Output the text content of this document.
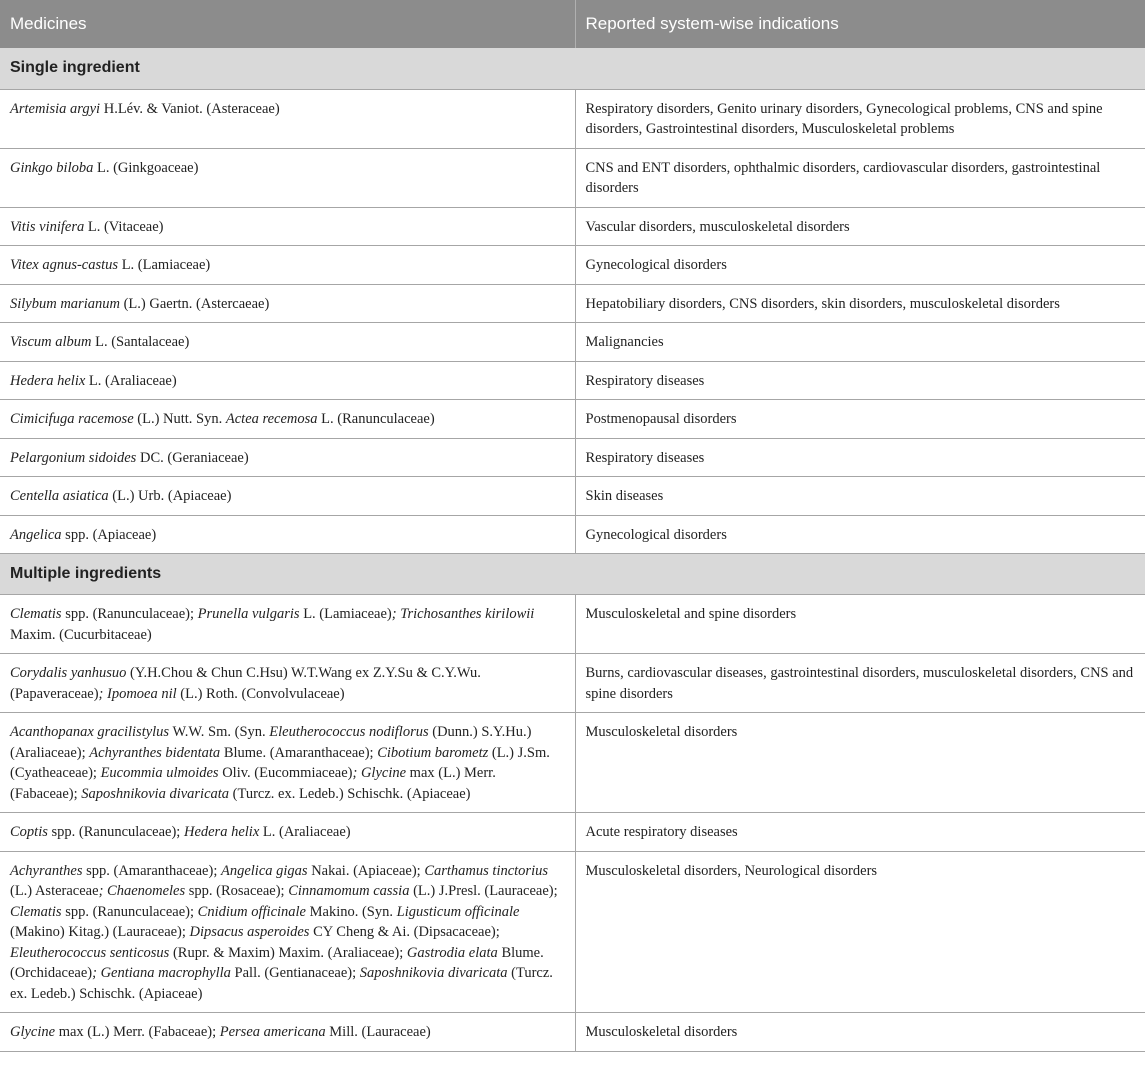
Medicines	Reported system-wise indications
Single ingredient	
Artemisia argyi H.Lév. & Vaniot. (Asteraceae)	Respiratory disorders, Genito urinary disorders, Gynecological problems, CNS and spine disorders, Gastrointestinal disorders, Musculoskeletal problems
Ginkgo biloba L. (Ginkgoaceae)	CNS and ENT disorders, ophthalmic disorders, cardiovascular disorders, gastrointestinal disorders
Vitis vinifera L. (Vitaceae)	Vascular disorders, musculoskeletal disorders
Vitex agnus-castus L. (Lamiaceae)	Gynecological disorders
Silybum marianum (L.) Gaertn. (Astercaeae)	Hepatobiliary disorders, CNS disorders, skin disorders, musculoskeletal disorders
Viscum album L. (Santalaceae)	Malignancies
Hedera helix L. (Araliaceae)	Respiratory diseases
Cimicifuga racemose (L.) Nutt. Syn. Actea recemosa L. (Ranunculaceae)	Postmenopausal disorders
Pelargonium sidoides DC. (Geraniaceae)	Respiratory diseases
Centella asiatica (L.) Urb. (Apiaceae)	Skin diseases
Angelica spp. (Apiaceae)	Gynecological disorders
Multiple ingredients	
Clematis spp. (Ranunculaceae); Prunella vulgaris L. (Lamiaceae); Trichosanthes kirilowii Maxim. (Cucurbitaceae)	Musculoskeletal and spine disorders
Corydalis yanhusuo (Y.H.Chou & Chun C.Hsu) W.T.Wang ex Z.Y.Su & C.Y.Wu. (Papaveraceae); Ipomoea nil (L.) Roth. (Convolvulaceae)	Burns, cardiovascular diseases, gastrointestinal disorders, musculoskeletal disorders, CNS and spine disorders
Acanthopanax gracilistylus W.W. Sm. (Syn. Eleutherococcus nodiflorus (Dunn.) S.Y.Hu.) (Araliaceae); Achyranthes bidentata Blume. (Amaranthaceae); Cibotium barometz (L.) J.Sm. (Cyatheaceae); Eucommia ulmoides Oliv. (Eucommiaceae); Glycine max (L.) Merr. (Fabaceae); Saposhnikovia divaricata (Turcz. ex. Ledeb.) Schischk. (Apiaceae)	Musculoskeletal disorders
Coptis spp. (Ranunculaceae); Hedera helix L. (Araliaceae)	Acute respiratory diseases
Achyranthes spp. (Amaranthaceae); Angelica gigas Nakai. (Apiaceae); Carthamus tinctorius (L.) Asteraceae; Chaenomeles spp. (Rosaceae); Cinnamomum cassia (L.) J.Presl. (Lauraceae); Clematis spp. (Ranunculaceae); Cnidium officinale Makino. (Syn. Ligusticum officinale (Makino) Kitag.) (Lauraceae); Dipsacus asperoides CY Cheng & Ai. (Dipsacaceae); Eleutherococcus senticosus (Rupr. & Maxim) Maxim. (Araliaceae); Gastrodia elata Blume. (Orchidaceae); Gentiana macrophylla Pall. (Gentianaceae); Saposhnikovia divaricata (Turcz. ex. Ledeb.) Schischk. (Apiaceae)	Musculoskeletal disorders, Neurological disorders
Glycine max (L.) Merr. (Fabaceae); Persea americana Mill. (Lauraceae)	Musculoskeletal disorders
